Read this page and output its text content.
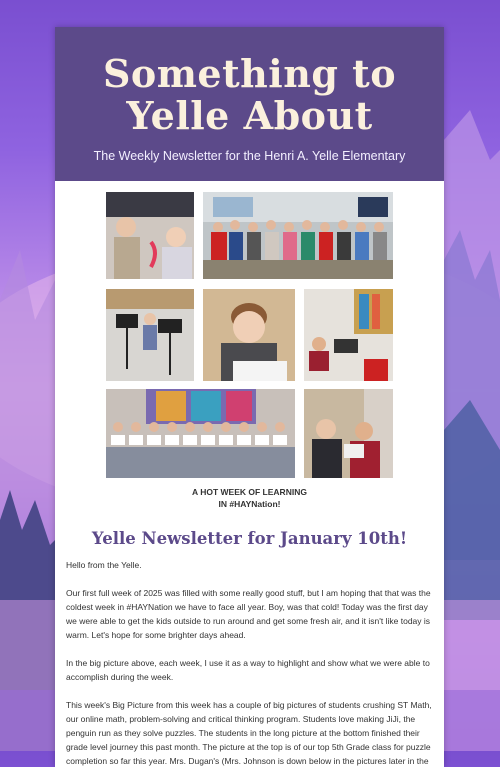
Something to Yelle About
The Weekly Newsletter for the Henri A. Yelle Elementary
A HOT WEEK OF LEARNING
IN #HAYNation!
Yelle Newsletter for January 10th!

Hello from the Yelle.

Our first full week of 2025 was filled with some really good stuff, but I am hoping that that was the coldest week in #HAYNation we have to face all year. Boy, was that cold! Today was the first day we were able to get the kids outside to run around and get some fresh air, and it isn't like today is warm. Let's hope for some brighter days ahead.

In the big picture above, each week, I use it as a way to highlight and show what we were able to accomplish during the week.

This week's Big Picture from this week has a couple of big pictures of students crushing ST Math, our online math, problem-solving and critical thinking program. Students love making JiJi, the penguin run as they solve puzzles. The students in the long picture at the bottom finished their grade level journey this past month. The picture at the top is of our top 5th Grade class for puzzle completion so far this year. Mrs. Dugan's (Mrs. Johnson is down below in the pictures later in the
